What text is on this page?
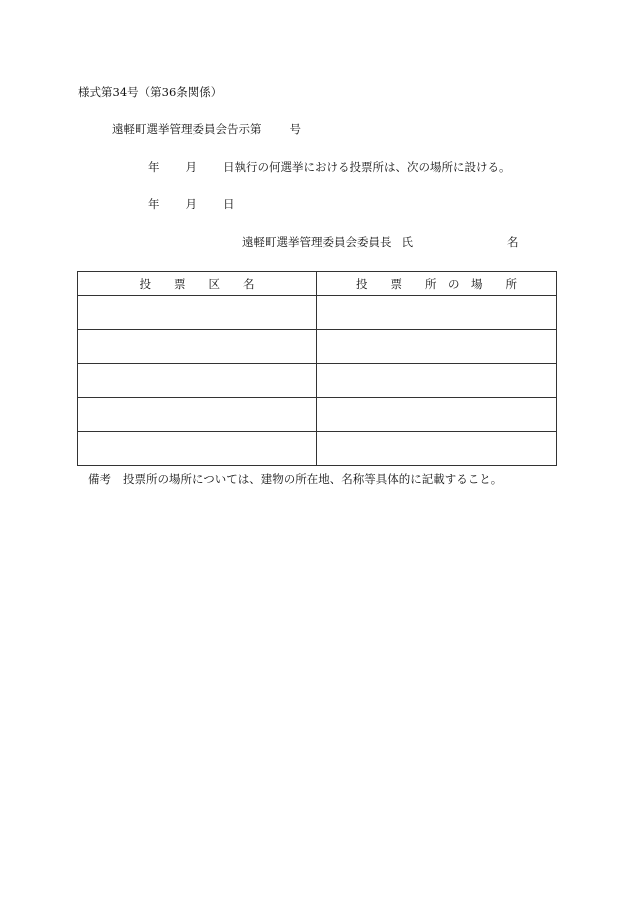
様式第34号（第36条関係）
遠軽町選挙管理委員会告示第 号
年 月 日執行の何選挙における投票所は、次の場所に設ける。
年 月 日
遠軽町選挙管理委員会委員長 氏	名
投　　票　　区　　名	投　　票　　所　の　場　　所

備考 投票所の場所については、建物の所在地、名称等具体的に記載すること。
